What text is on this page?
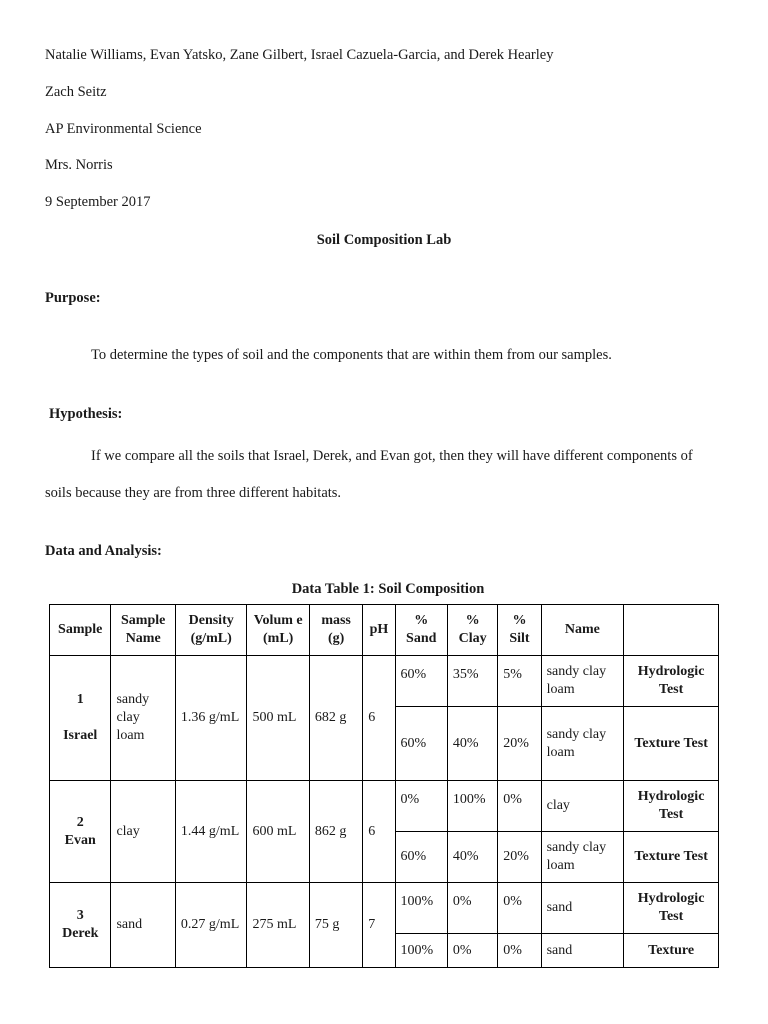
Natalie Williams, Evan Yatsko, Zane Gilbert, Israel Cazuela-Garcia, and Derek Hearley
Zach Seitz
AP Environmental Science
Mrs. Norris
9 September 2017
Soil Composition Lab
Purpose:
To determine the types of soil and the components that are within them from our samples.
Hypothesis:
If we compare all the soils that Israel, Derek, and Evan got, then they will have different components of
soils because they are from three different habitats.
Data and Analysis:
Data Table 1: Soil Composition
Sample	Sample Name	Density (g/mL)	Volum e (mL)	mass (g)	pH	% Sand	% Clay	% Silt	Name	

1
Israel	sandy clay loam	1.36 g/mL	500 mL	682 g	6	60%	35%	5%	sandy clay loam	Hydrologic Test
						60%	40%	20%	sandy clay loam	Texture Test

2
Evan	clay	1.44 g/mL	600 mL	862 g	6	0%	100%	0%	clay	Hydrologic Test
						60%	40%	20%	sandy clay loam	Texture Test

3
Derek	sand	0.27 g/mL	275 mL	75 g	7	100%	0%	0%	sand	Hydrologic Test
						100%	0%	0%	sand	Texture
